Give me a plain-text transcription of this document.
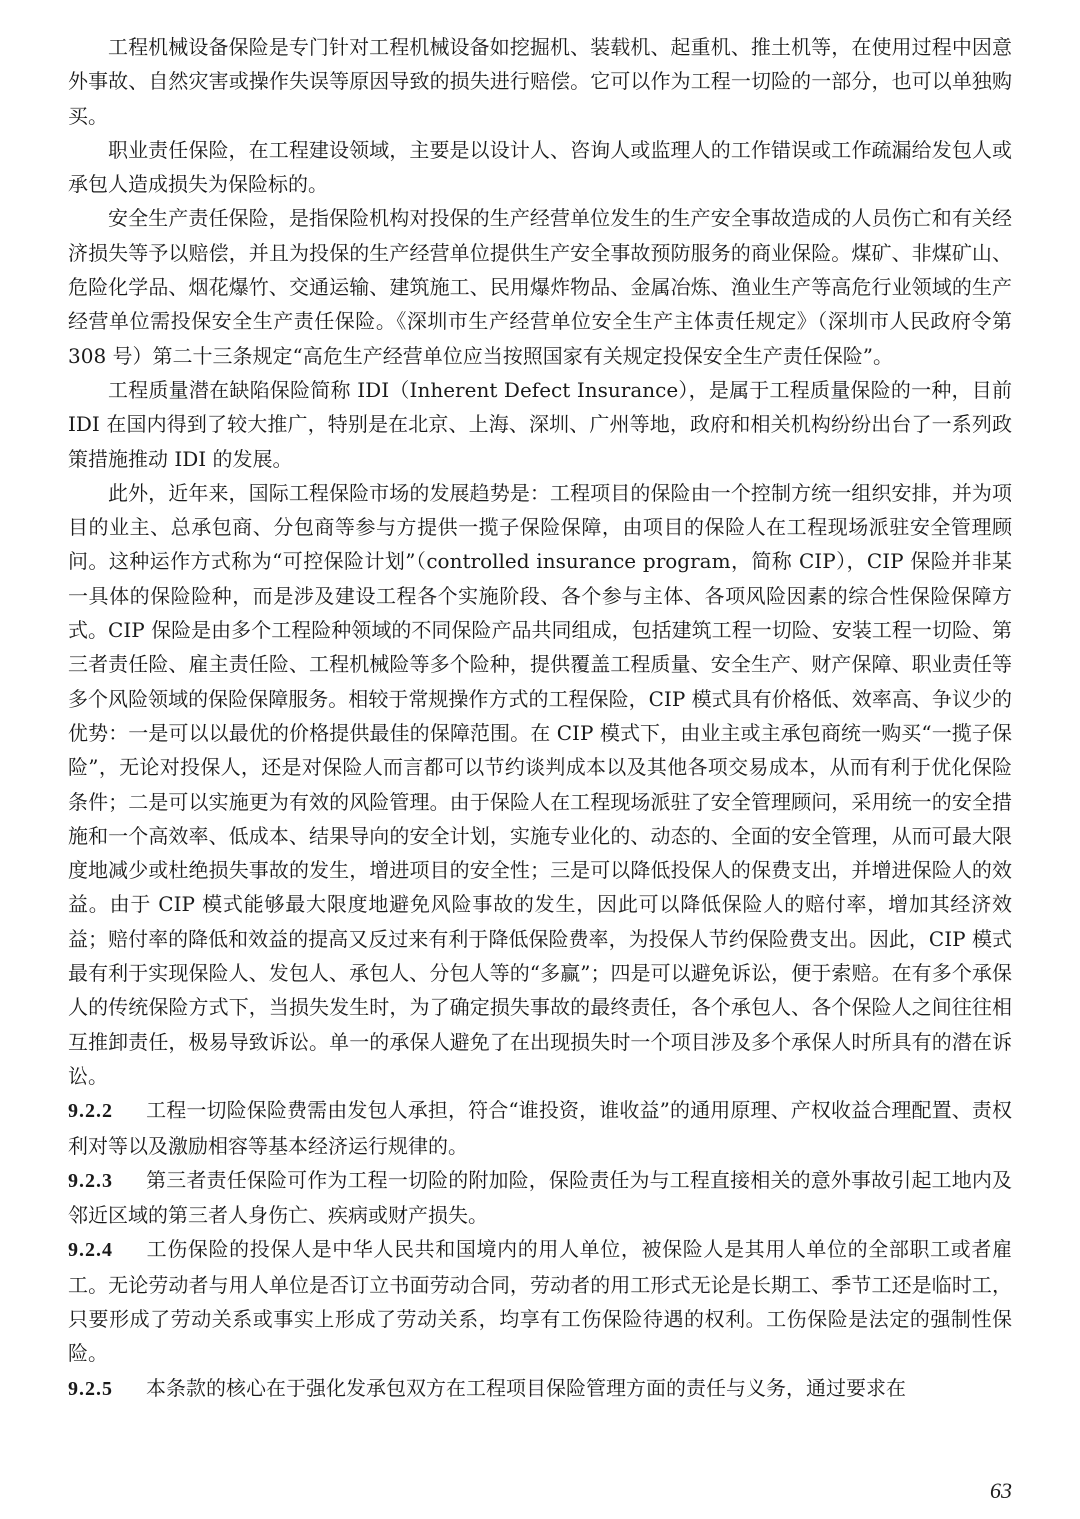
工程机械设备保险是专门针对工程机械设备如挖掘机、装载机、起重机、推土机等，在使用过程中因意外事故、自然灾害或操作失误等原因导致的损失进行赔偿。它可以作为工程一切险的一部分，也可以单独购买。

职业责任保险，在工程建设领域，主要是以设计人、咨询人或监理人的工作错误或工作疏漏给发包人或承包人造成损失为保险标的。

安全生产责任保险，是指保险机构对投保的生产经营单位发生的生产安全事故造成的人员伤亡和有关经济损失等予以赔偿，并且为投保的生产经营单位提供生产安全事故预防服务的商业保险。煤矿、非煤矿山、危险化学品、烟花爆竹、交通运输、建筑施工、民用爆炸物品、金属冶炼、渔业生产等高危行业领域的生产经营单位需投保安全生产责任保险。《深圳市生产经营单位安全生产主体责任规定》（深圳市人民政府令第 308 号）第二十三条规定“高危生产经营单位应当按照国家有关规定投保安全生产责任保险”。

工程质量潜在缺陷保险简称 IDI（Inherent Defect Insurance），是属于工程质量保险的一种，目前 IDI 在国内得到了较大推广，特别是在北京、上海、深圳、广州等地，政府和相关机构纷纷出台了一系列政策措施推动 IDI 的发展。

此外，近年来，国际工程保险市场的发展趋势是：工程项目的保险由一个控制方统一组织安排，并为项目的业主、总承包商、分包商等参与方提供一揽子保险保障，由项目的保险人在工程现场派驻安全管理顾问。这种运作方式称为“可控保险计划”（controlled insurance program，简称 CIP），CIP 保险并非某一具体的保险险种，而是涉及建设工程各个实施阶段、各个参与主体、各项风险因素的综合性保险保障方式。CIP 保险是由多个工程险种领域的不同保险产品共同组成，包括建筑工程一切险、安装工程一切险、第三者责任险、雇主责任险、工程机械险等多个险种，提供覆盖工程质量、安全生产、财产保障、职业责任等多个风险领域的保险保障服务。相较于常规操作方式的工程保险，CIP 模式具有价格低、效率高、争议少的优势：一是可以以最优的价格提供最佳的保障范围。在 CIP 模式下，由业主或主承包商统一购买“一揽子保险”，无论对投保人，还是对保险人而言都可以节约谈判成本以及其他各项交易成本，从而有利于优化保险条件；二是可以实施更为有效的风险管理。由于保险人在工程现场派驻了安全管理顾问，采用统一的安全措施和一个高效率、低成本、结果导向的安全计划，实施专业化的、动态的、全面的安全管理，从而可最大限度地减少或杜绝损失事故的发生，增进项目的安全性；三是可以降低投保人的保费支出，并增进保险人的效益。由于 CIP 模式能够最大限度地避免风险事故的发生，因此可以降低保险人的赔付率，增加其经济效益；赔付率的降低和效益的提高又反过来有利于降低保险费率，为投保人节约保险费支出。因此，CIP 模式最有利于实现保险人、发包人、承包人、分包人等的“多赢”；四是可以避免诉讼，便于索赔。在有多个承保人的传统保险方式下，当损失发生时，为了确定损失事故的最终责任，各个承包人、各个保险人之间往往相互推卸责任，极易导致诉讼。单一的承保人避免了在出现损失时一个项目涉及多个承保人时所具有的潜在诉讼。

9.2.2 工程一切险保险费需由发包人承担，符合“谁投资，谁收益”的通用原理、产权收益合理配置、责权利对等以及激励相容等基本经济运行规律的。

9.2.3 第三者责任保险可作为工程一切险的附加险，保险责任为与工程直接相关的意外事故引起工地内及邻近区域的第三者人身伤亡、疾病或财产损失。

9.2.4 工伤保险的投保人是中华人民共和国境内的用人单位，被保险人是其用人单位的全部职工或者雇工。无论劳动者与用人单位是否订立书面劳动合同，劳动者的用工形式无论是长期工、季节工还是临时工，只要形成了劳动关系或事实上形成了劳动关系，均享有工伤保险待遇的权利。工伤保险是法定的强制性保险。

9.2.5 本条款的核心在于强化发承包双方在工程项目保险管理方面的责任与义务，通过要求在

63
